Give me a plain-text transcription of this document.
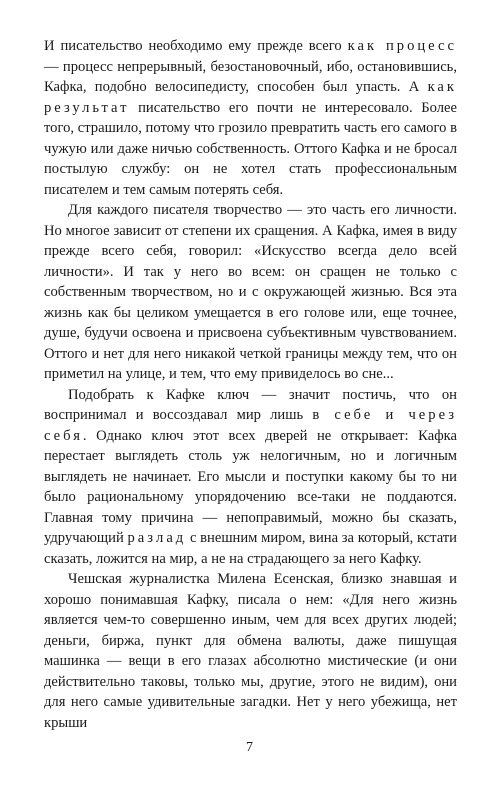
И писательство необходимо ему прежде всего как процесс — процесс непрерывный, безостановочный, ибо, остановившись, Кафка, подобно велосипедисту, способен был упасть. А как результат писательство его почти не интересовало. Более того, страшило, потому что грозило превратить часть его самого в чужую или даже ничью собственность. Оттого Кафка и не бросал постылую службу: он не хотел стать профессиональным писателем и тем самым потерять себя.

Для каждого писателя творчество — это часть его личности. Но многое зависит от степени их сращения. А Кафка, имея в виду прежде всего себя, говорил: «Искусство всегда дело всей личности». И так у него во всем: он сращен не только с собственным творчеством, но и с окружающей жизнью. Вся эта жизнь как бы целиком умещается в его голове или, еще точнее, душе, будучи освоена и присвоена субъективным чувствованием. Оттого и нет для него никакой четкой границы между тем, что он приметил на улице, и тем, что ему привиделось во сне...

Подобрать к Кафке ключ — значит постичь, что он воспринимал и воссоздавал мир лишь в себе и через себя. Однако ключ этот всех дверей не открывает: Кафка перестает выглядеть столь уж нелогичным, но и логичным выглядеть не начинает. Его мысли и поступки какому бы то ни было рациональному упорядочению все-таки не поддаются. Главная тому причина — непоправимый, можно бы сказать, удручающий разлад с внешним миром, вина за который, кстати сказать, ложится на мир, а не на страдающего за него Кафку.

Чешская журналистка Милена Есенская, близко знавшая и хорошо понимавшая Кафку, писала о нем: «Для него жизнь является чем-то совершенно иным, чем для всех других людей; деньги, биржа, пункт для обмена валюты, даже пишущая машинка — вещи в его глазах абсолютно мистические (и они действительно таковы, только мы, другие, этого не видим), они для него самые удивительные загадки. Нет у него убежища, нет крыши

7
